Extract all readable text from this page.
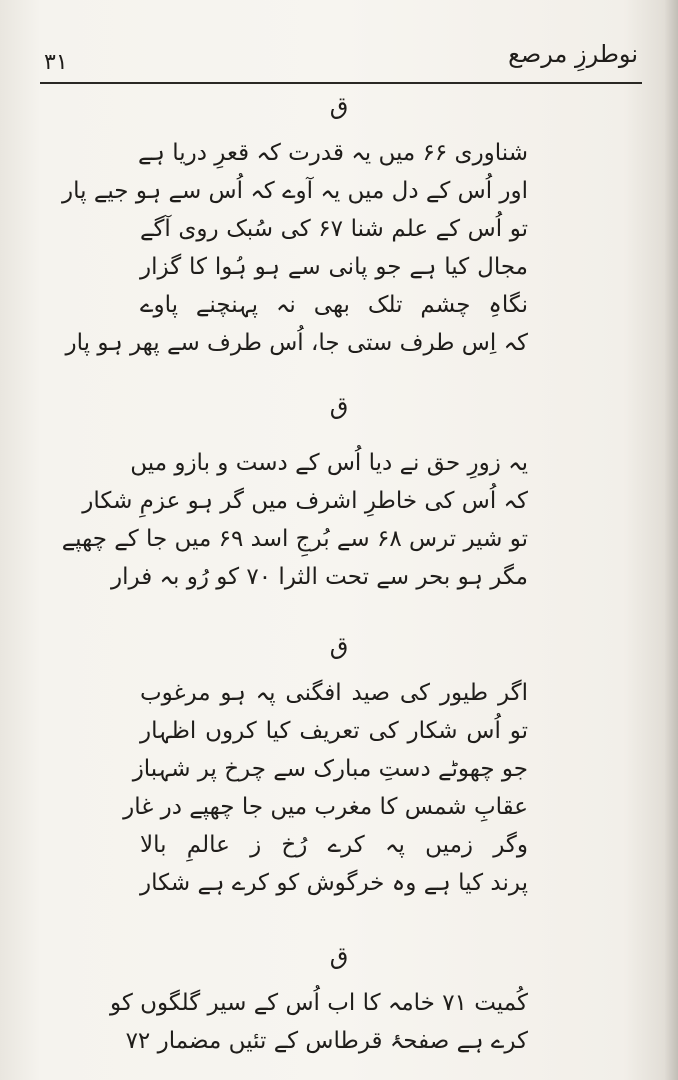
۳۱	نوطرزِ مرصع
ق
شناوری ۶۶ میں یہ قدرت کہ قعرِ دریا ہے
اور اُس کے دل میں یہ آوے کہ اُس سے ہو جیے پار
تو اُس کے علم شنا ۶۷ کی سُبک روی آگے
مجال کیا ہے جو پانی سے ہو ہُوا کا گزار
نگاہِ چشم تلک بھی نہ پہنچنے پاوے
کہ اِس طرف ستی جا، اُس طرف سے پھر ہو پار
ق
یہ زورِ حق نے دیا اُس کے دست و بازو میں
کہ اُس کی خاطرِ اشرف میں گر ہو عزمِ شکار
تو شیر ترس ۶۸ سے بُرجِ اسد ۶۹ میں جا کے چھپے
مگر ہو بحر سے تحت الثرا ۷۰ کو رُو بہ فرار
ق
اگر طیور کی صید افگنی پہ ہو مرغوب
تو اُس شکار کی تعریف کیا کروں اظہار
جو چھوٹے دستِ مبارک سے چرخ پر شہباز
عقابِ شمس کا مغرب میں جا چھپے در غار
وگر زمیں پہ کرے رُخ ز عالمِ بالا
پرند کیا ہے وہ خرگوش کو کرے ہے شکار
ق
کُمیت ۷۱ خامہ کا اب اُس کے سیر گلگوں کو
کرے ہے صفحۂ قرطاس کے تئیں مضمار ۷۲
